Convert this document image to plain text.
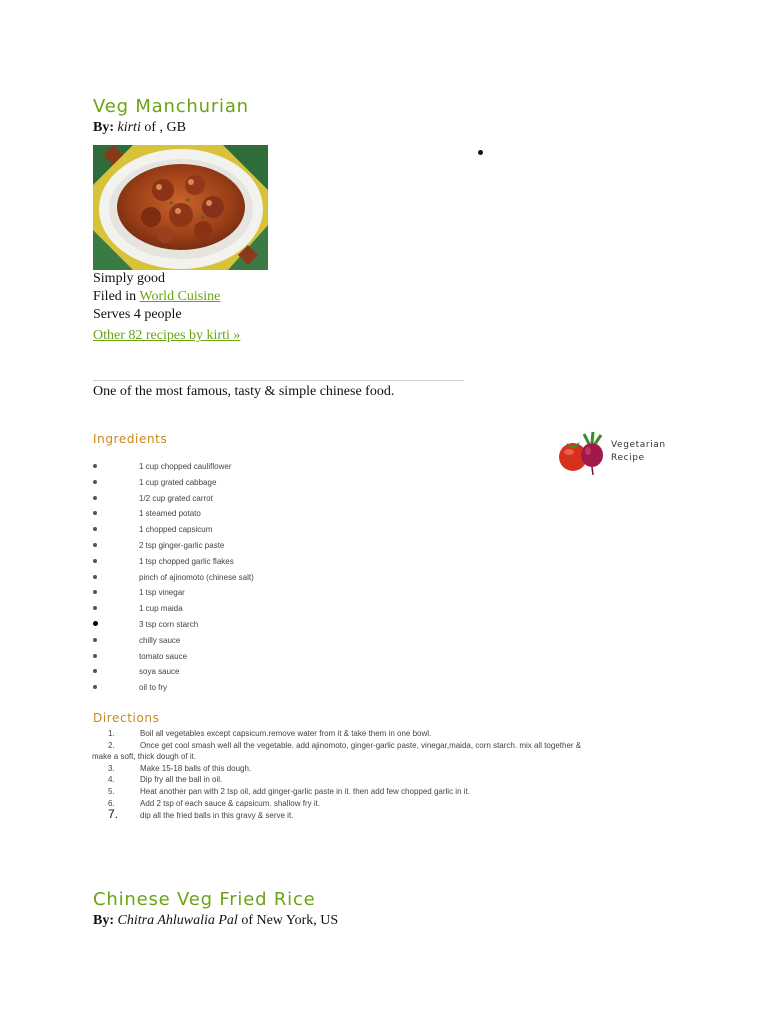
Veg Manchurian
By: kirti of , GB
Simply good
Filed in World Cuisine
Serves 4 people
Other 82 recipes by kirti »
One of the most famous, tasty & simple chinese food.
Ingredients	Vegetarian
Recipe
1 cup chopped cauliflower
1 cup grated cabbage
1/2 cup grated carrot
1 steamed potato
1 chopped capsicum
2 tsp ginger-garlic paste
1 tsp chopped garlic flakes
pinch of ajinomoto (chinese salt)
1 tsp vinegar
1 cup maida
3 tsp corn starch
chilly sauce
tomato sauce
soya sauce
oil to fry
Directions
1.	Boil all vegetables except capsicum.remove water from it & take them in one bowl.
2.	Once get cool smash well all the vegetable. add ajinomoto, ginger-garlic paste, vinegar,maida, corn starch. mix all together &
make a soft, thick dough of it.
3.	Make 15-18 balls of this dough.
4.	Dip fry all the ball in oil.
5.	Heat another pan with 2 tsp oil, add ginger-garlic paste in it. then add few chopped garlic in it.
6.	Add 2 tsp of each sauce & capsicum. shallow fry it.
7.	dip all the fried balls in this gravy & serve it.
Chinese Veg Fried Rice
By: Chitra Ahluwalia Pal of New York, US
